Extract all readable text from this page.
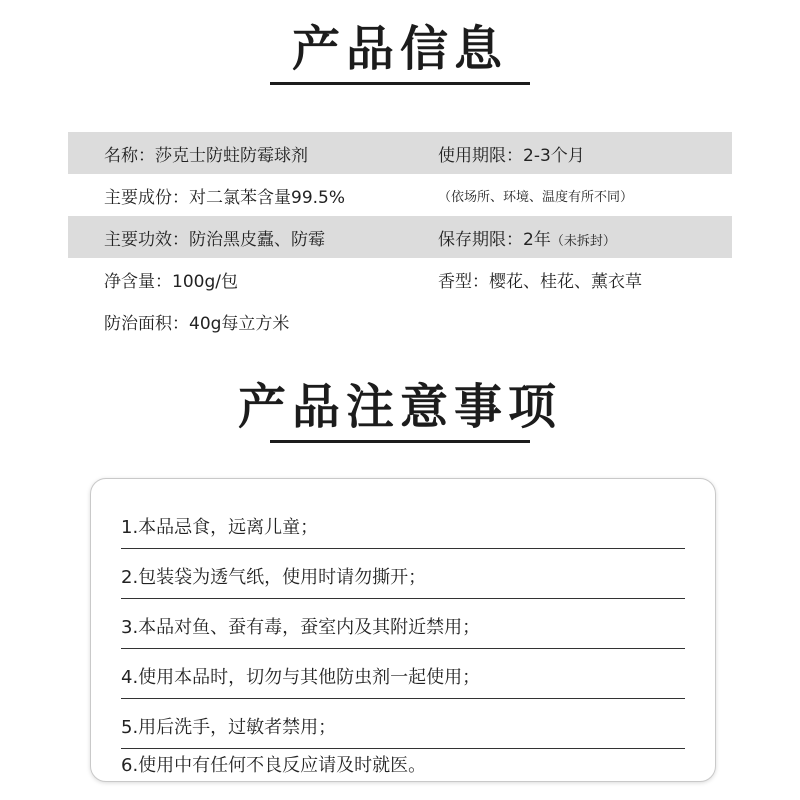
产品信息
名称：莎克士防蛀防霉球剂	使用期限：2-3个月
主要成份：对二氯苯含量99.5%	（依场所、环境、温度有所不同）
主要功效：防治黑皮蠹、防霉	保存期限：2年（未拆封）
净含量：100g/包	香型：樱花、桂花、薰衣草
防治面积：40g每立方米
产品注意事项
1.本品忌食，远离儿童；
2.包装袋为透气纸，使用时请勿撕开；
3.本品对鱼、蚕有毒，蚕室内及其附近禁用；
4.使用本品时，切勿与其他防虫剂一起使用；
5.用后洗手，过敏者禁用；
6.使用中有任何不良反应请及时就医。
